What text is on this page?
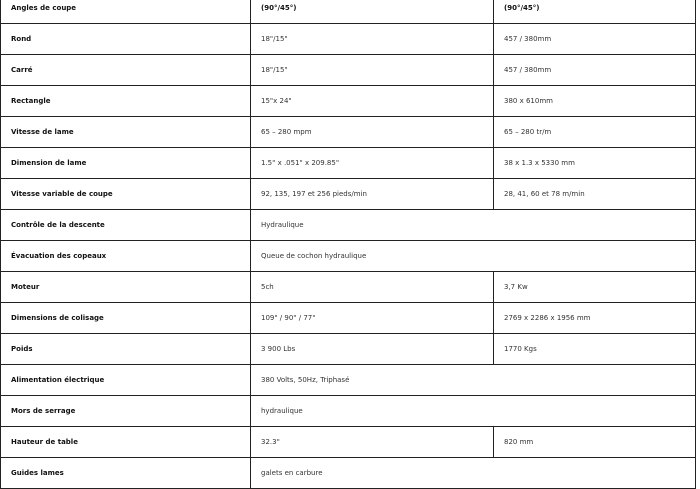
Angles de coupe	(90°/45°)	(90°/45°)
Rond	18"/15"	457 / 380mm
Carré	18"/15"	457 / 380mm
Rectangle	15"x 24"	380 x 610mm
Vitesse de lame	65 – 280 mpm	65 – 280 tr/m
Dimension de lame	1.5" x .051" x 209.85"	38 x 1.3 x 5330 mm
Vitesse variable de coupe	92, 135, 197 et 256 pieds/min	28, 41, 60 et 78 m/min
Contrôle de la descente	Hydraulique	
Évacuation des copeaux	Queue de cochon hydraulique	
Moteur	5ch	3,7 Kw
Dimensions de colisage	109" / 90" / 77"	2769 x 2286 x 1956 mm
Poids	3 900 Lbs	1770 Kgs
Alimentation électrique	380 Volts, 50Hz, Triphasé	
Mors de serrage	hydraulique	
Hauteur de table	32.3"	820 mm
Guides lames	galets en carbure	
